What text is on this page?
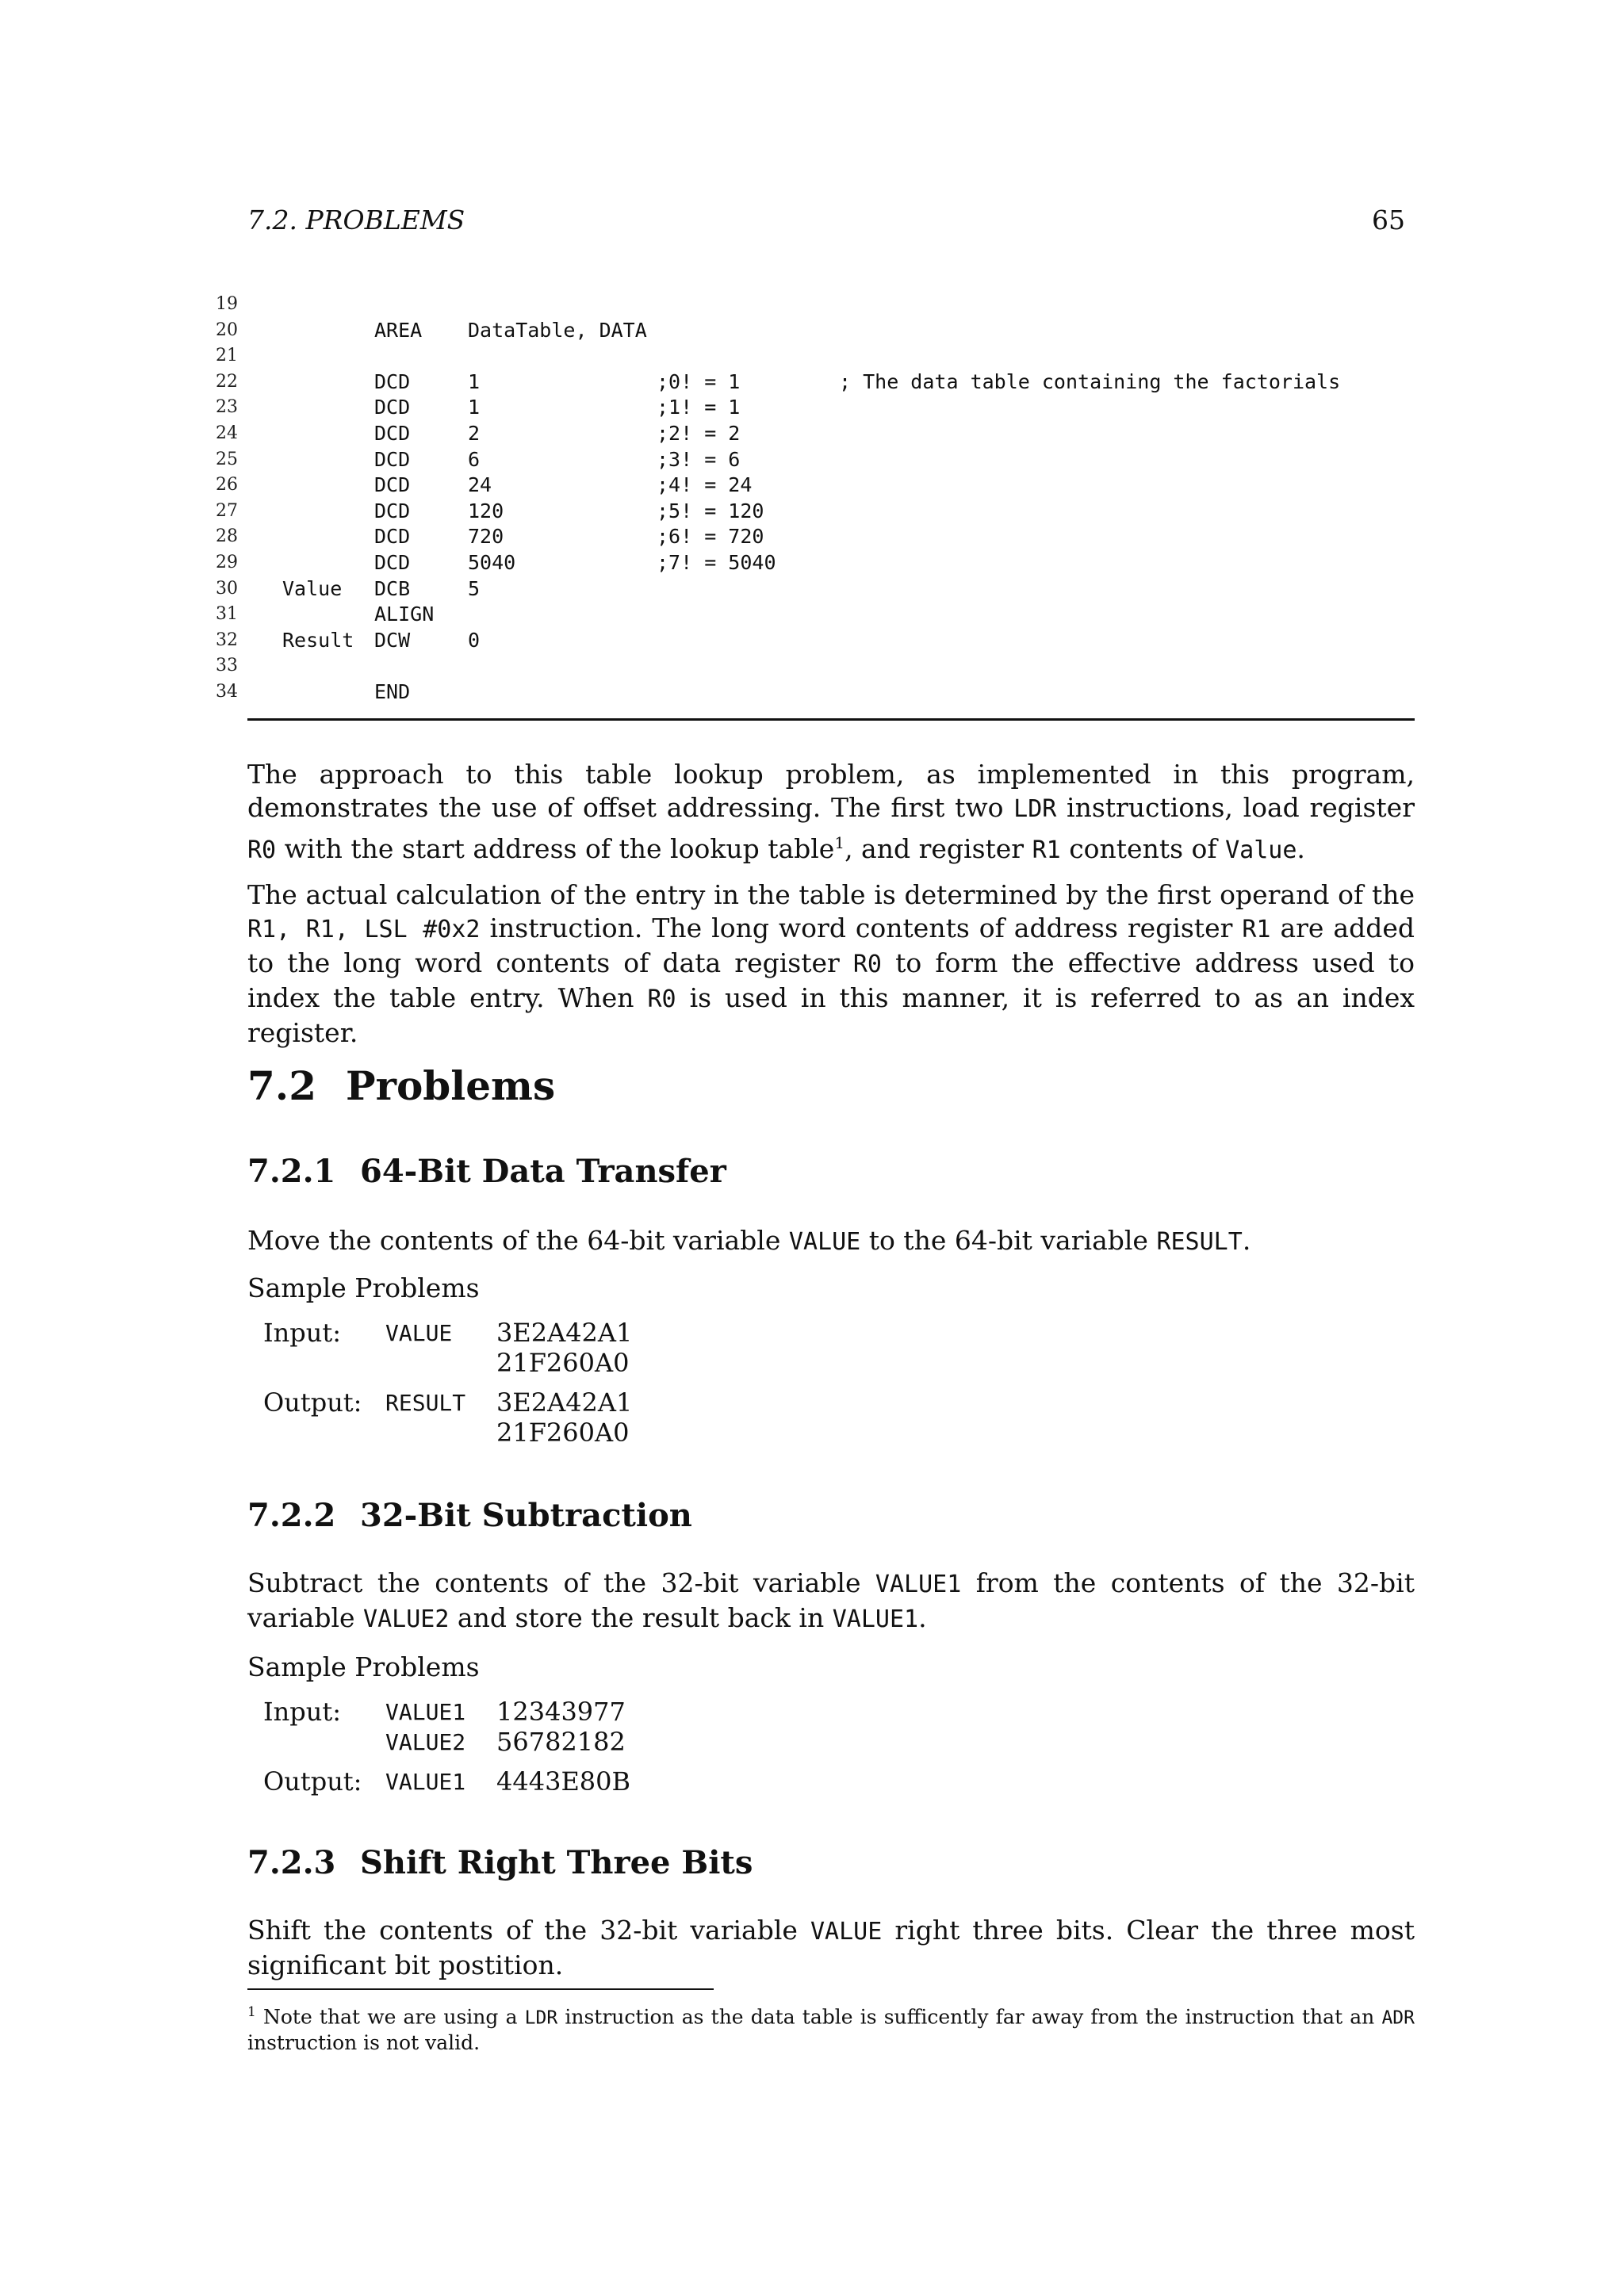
7.2. PROBLEMS	65
19
20	AREA DataTable, DATA
21
22	DCD	1	;0! = 1	; The data table containing the factorials
23	DCD	1	;1! = 1
24	DCD	2	;2! = 2
25	DCD	6	;3! = 6
26	DCD	24	;4! = 24
27	DCD	120	;5! = 120
28	DCD	720	;6! = 720
29	DCD	5040	;7! = 5040
30 Value DCB	5
31	ALIGN
32 Result DCW	0
33
34	END
The approach to this table lookup problem, as implemented in this program, demonstrates the use of offset addressing. The first two LDR instructions, load register R0 with the start address of the lookup table$^1$, and register R1 contents of Value.
The actual calculation of the entry in the table is determined by the first operand of the R1, R1, LSL #0x2 instruction. The long word contents of address register R1 are added to the long word contents of data register R0 to form the effective address used to index the table entry. When R0 is used in this manner, it is referred to as an index register.
7.2 Problems
7.2.1 64-Bit Data Transfer
Move the contents of the 64-bit variable VALUE to the 64-bit variable RESULT.
Sample Problems
Input: VALUE 3E2A42A1
21F260A0
Output: RESULT 3E2A42A1
21F260A0
7.2.2 32-Bit Subtraction
Subtract the contents of the 32-bit variable VALUE1 from the contents of the 32-bit variable VALUE2 and store the result back in VALUE1.
Sample Problems
Input: VALUE1 12343977
VALUE2 56782182
Output: VALUE1 4443E80B
7.2.3 Shift Right Three Bits
Shift the contents of the 32-bit variable VALUE right three bits. Clear the three most significant bit postition.
$^1$ Note that we are using a LDR instruction as the data table is sufficently far away from the instruction that an ADR instruction is not valid.
